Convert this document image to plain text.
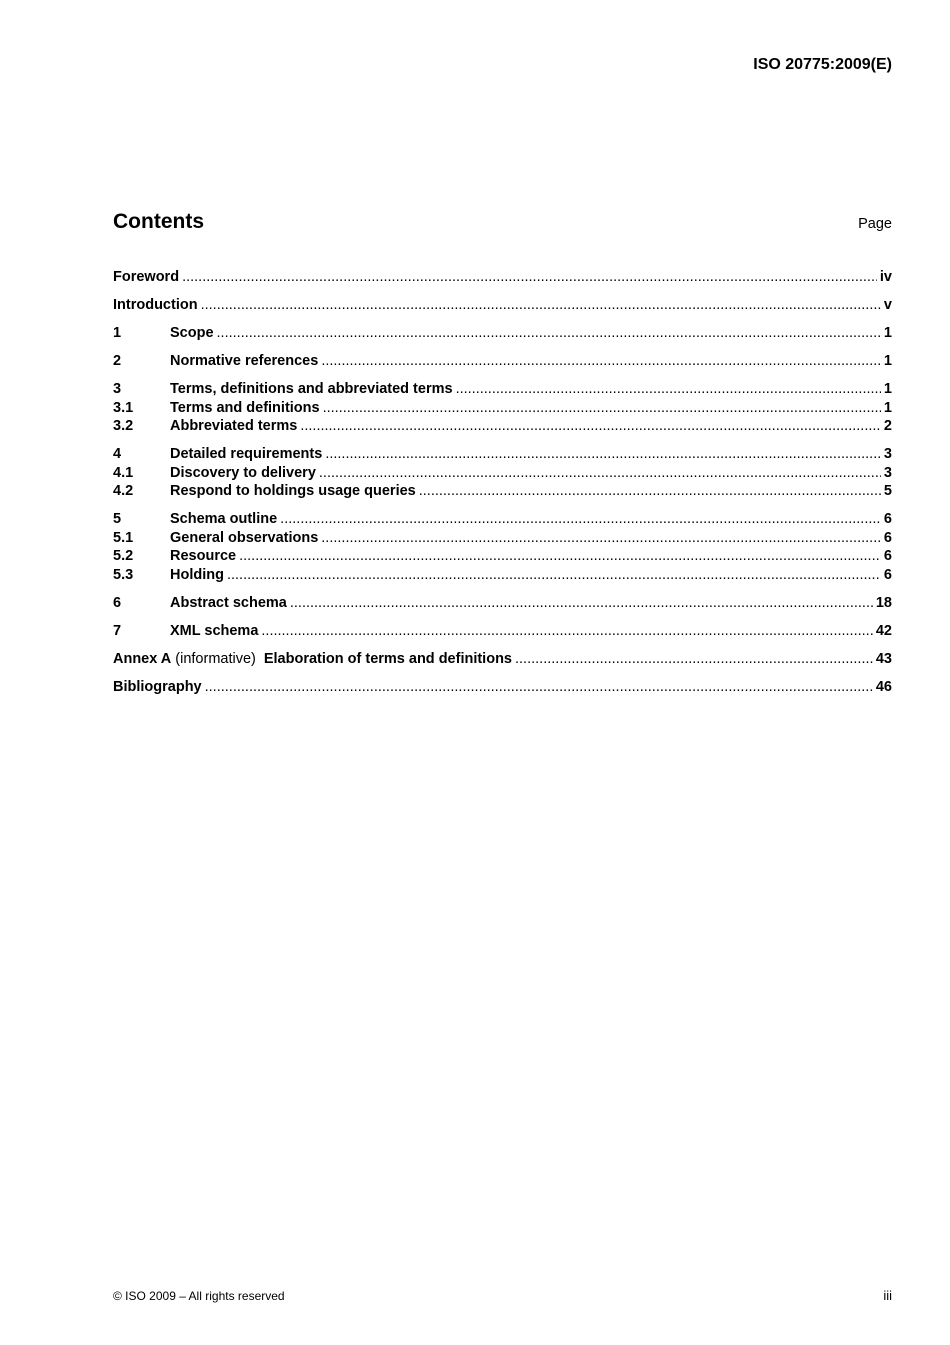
ISO 20775:2009(E)
Contents	Page
Foreword .....	iv
Introduction .....	v
1	Scope .....	1
2	Normative references .....	1
3	Terms, definitions and abbreviated terms .....	1
3.1	Terms and definitions .....	1
3.2	Abbreviated terms .....	2
4	Detailed requirements .....	3
4.1	Discovery to delivery .....	3
4.2	Respond to holdings usage queries .....	5
5	Schema outline .....	6
5.1	General observations .....	6
5.2	Resource .....	6
5.3	Holding .....	6
6	Abstract schema .....	18
7	XML schema .....	42
Annex A (informative) Elaboration of terms and definitions .....	43
Bibliography .....	46
© ISO 2009 – All rights reserved	iii
